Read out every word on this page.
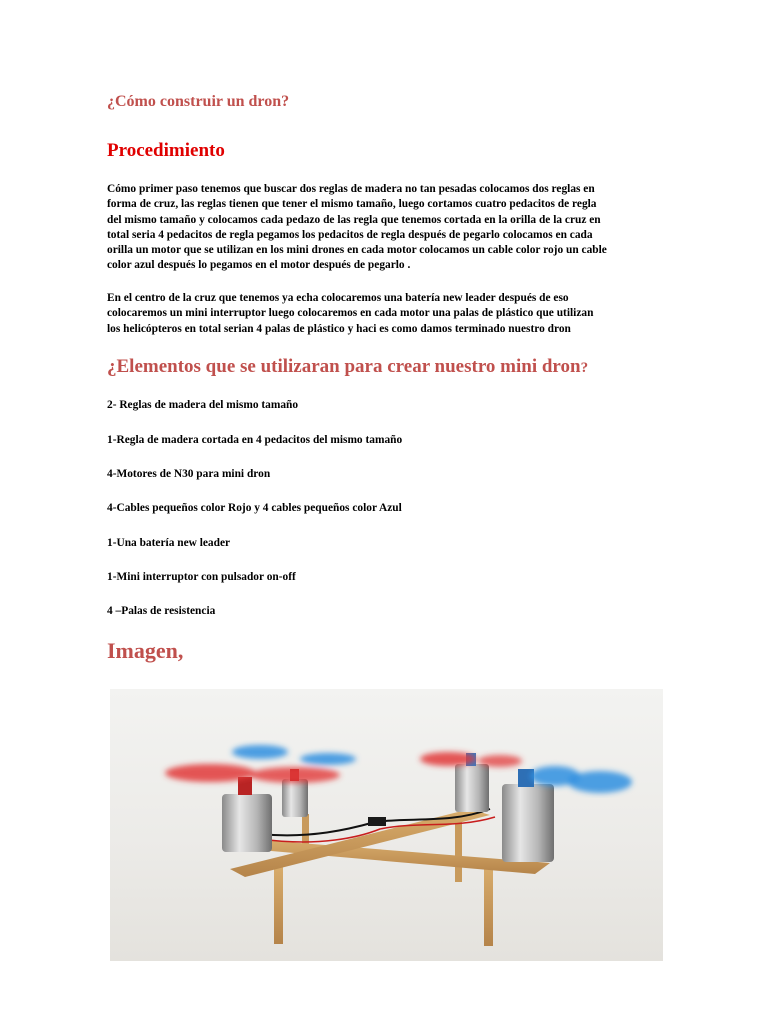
¿Cómo construir un dron?
Procedimiento
Cómo primer paso tenemos que buscar dos reglas de madera no tan pesadas colocamos dos reglas en
forma de cruz, las reglas tienen que tener el mismo tamaño, luego cortamos cuatro pedacitos de regla
del mismo tamaño y colocamos cada pedazo de las regla que tenemos cortada en la orilla de la cruz en
total seria 4 pedacitos de regla pegamos los pedacitos de regla después de pegarlo colocamos en cada
orilla un motor que se utilizan en los mini drones en cada motor colocamos un cable color rojo un cable
color azul después lo pegamos en el motor después de pegarlo .
En el centro de la cruz que tenemos ya echa colocaremos una batería new leader después de eso
colocaremos un mini interruptor luego colocaremos en cada motor una palas de plástico que utilizan
los helicópteros en total serian 4 palas de plástico y haci es como damos terminado nuestro dron
¿Elementos que se utilizaran para crear nuestro mini dron?

2- Reglas de madera del mismo tamaño

1-Regla de madera cortada en 4 pedacitos del mismo tamaño

4-Motores de N30 para mini dron

4-Cables pequeños color Rojo y 4 cables pequeños color Azul

1-Una batería new leader

1-Mini interruptor con pulsador on-off

4 –Palas de resistencia

Imagen,
